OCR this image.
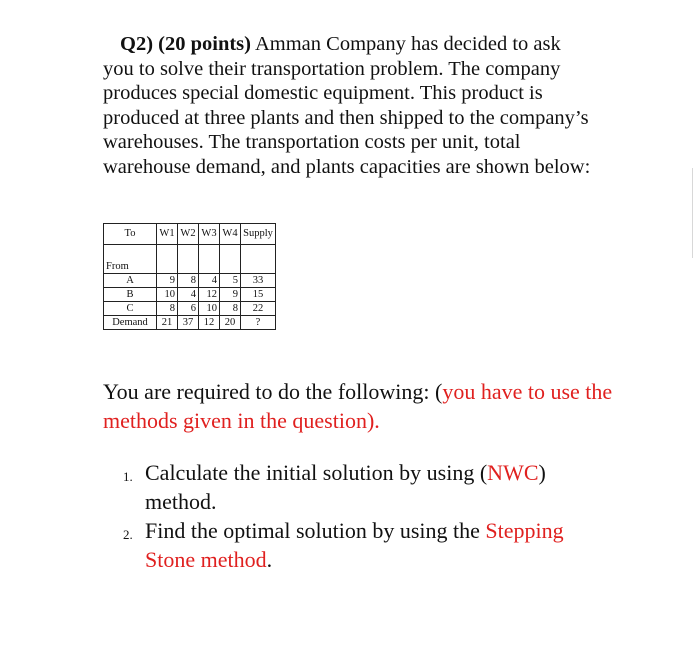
Q2) (20 points) Amman Company has decided to ask
you to solve their transportation problem. The company produces special domestic equipment. This product is produced at three plants and then shipped to the company’s warehouses. The transportation costs per unit, total warehouse demand, and plants capacities are shown below:
To	W1	W2	W3	W4	Supply
From					
A	9	8	4	5	33
B	10	4	12	9	15
C	8	6	10	8	22
Demand	21	37	12	20	?
You are required to do the following: (you have to use the methods given in the question).
1. Calculate the initial solution by using (NWC)
method.
2. Find the optimal solution by using the Stepping
Stone method.
